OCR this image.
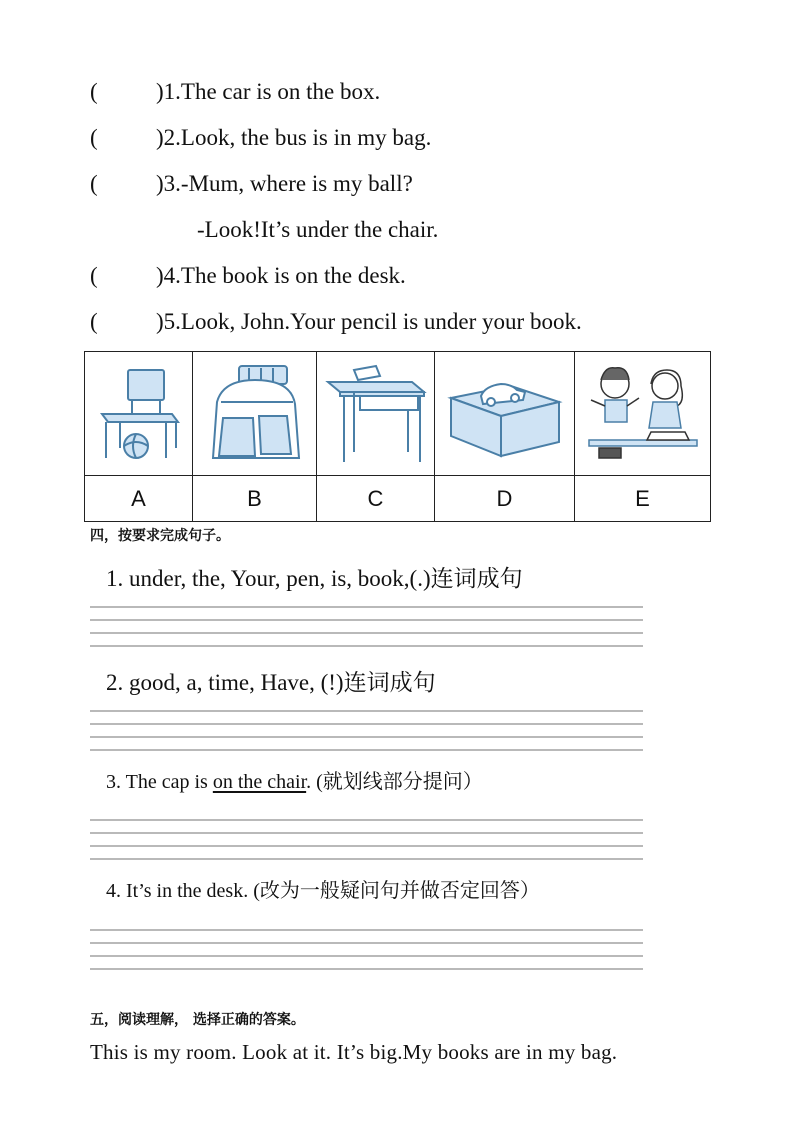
(	)1.The car is on the box.
(	)2.Look, the bus is in my bag.
(	)3.-Mum, where is my ball?
-Look!It’s under the chair.
(	)4.The book is on the desk.
(	)5.Look, John.Your pencil is under your book.

A	B	C	D	E
四，按要求完成句子。
1. under, the, Your, pen, is, book,(.)连词成句
2. good, a, time, Have, (!)连词成句
3. The cap is on the chair. (就划线部分提问）
4. It’s in the desk. (改为一般疑问句并做否定回答）
五，阅读理解， 选择正确的答案。
This is my room. Look at it. It’s big.My books are in my bag.
